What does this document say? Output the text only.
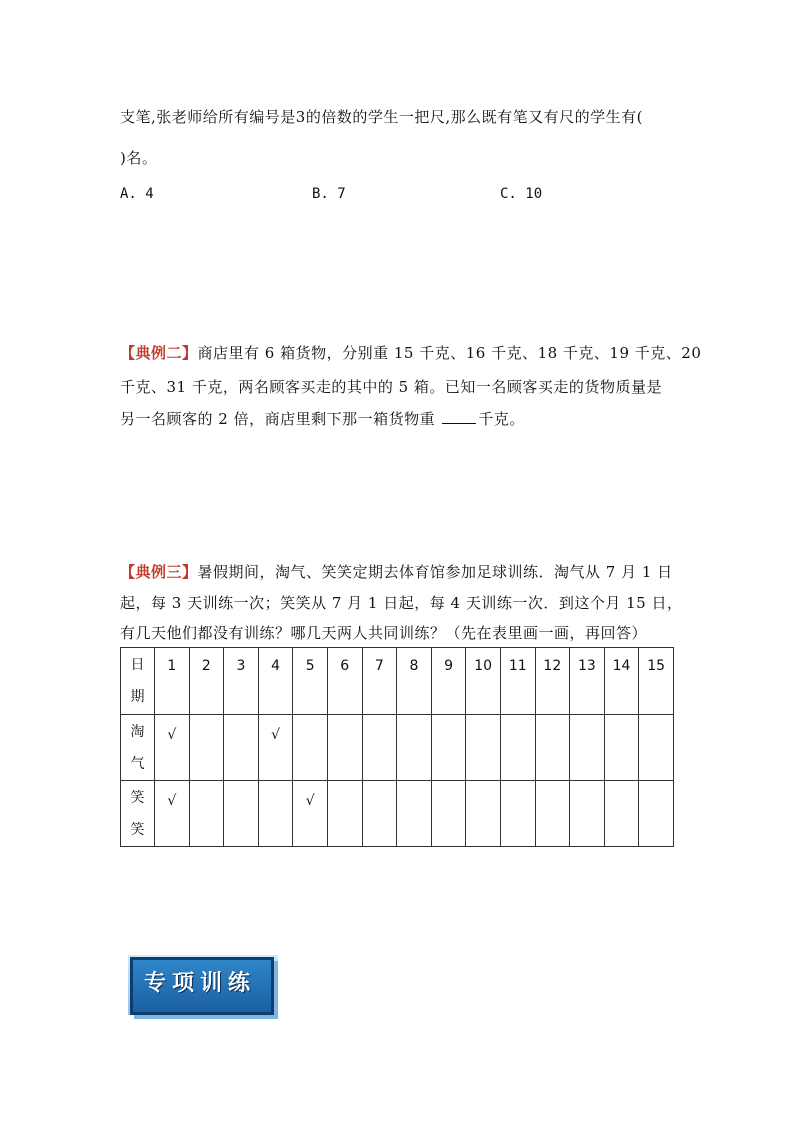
支笔,张老师给所有编号是3的倍数的学生一把尺,那么既有笔又有尺的学生有(
)名。
A. 4	B. 7	C. 10
【典例二】商店里有 6 箱货物，分别重 15 千克、16 千克、18 千克、19 千克、20
千克、31 千克，两名顾客买走的其中的 5 箱。已知一名顾客买走的货物质量是
另一名顾客的 2 倍，商店里剩下那一箱货物重	千克。
【典例三】暑假期间，淘气、笑笑定期去体育馆参加足球训练．淘气从 7 月 1 日
起，每 3 天训练一次；笑笑从 7 月 1 日起，每 4 天训练一次．到这个月 15 日，
有几天他们都没有训练？哪几天两人共同训练？（先在表里画一画，再回答）
日
期	1	2	3	4	5	6	7	8	9	10	11	12	13	14	15

淘
气	√			√											

笑
笑	√				√										
专项训练
